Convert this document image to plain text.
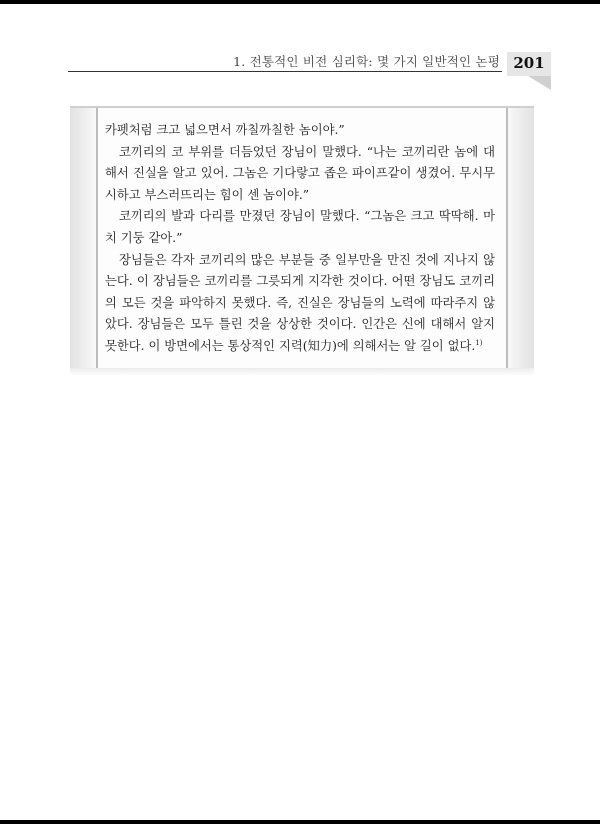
1. 전통적인 비전 심리학: 몇 가지 일반적인 논평 201

카펫처럼 크고 넓으면서 까칠까칠한 놈이야.”

코끼리의 코 부위를 더듬었던 장님이 말했다. “나는 코끼리란 놈에 대해서 진실을 알고 있어. 그놈은 기다랗고 좁은 파이프같이 생겼어. 무시무시하고 부스러뜨리는 힘이 센 놈이야.”

코끼리의 발과 다리를 만졌던 장님이 말했다. “그놈은 크고 딱딱해. 마치 기둥 같아.”

장님들은 각자 코끼리의 많은 부분들 중 일부만을 만진 것에 지나지 않는다. 이 장님들은 코끼리를 그릇되게 지각한 것이다. 어떤 장님도 코끼리의 모든 것을 파악하지 못했다. 즉, 진실은 장님들의 노력에 따라주지 않았다. 장님들은 모두 틀린 것을 상상한 것이다. 인간은 신에 대해서 알지 못한다. 이 방면에서는 통상적인 지력(知力)에 의해서는 알 길이 없다.$^{1)}$
